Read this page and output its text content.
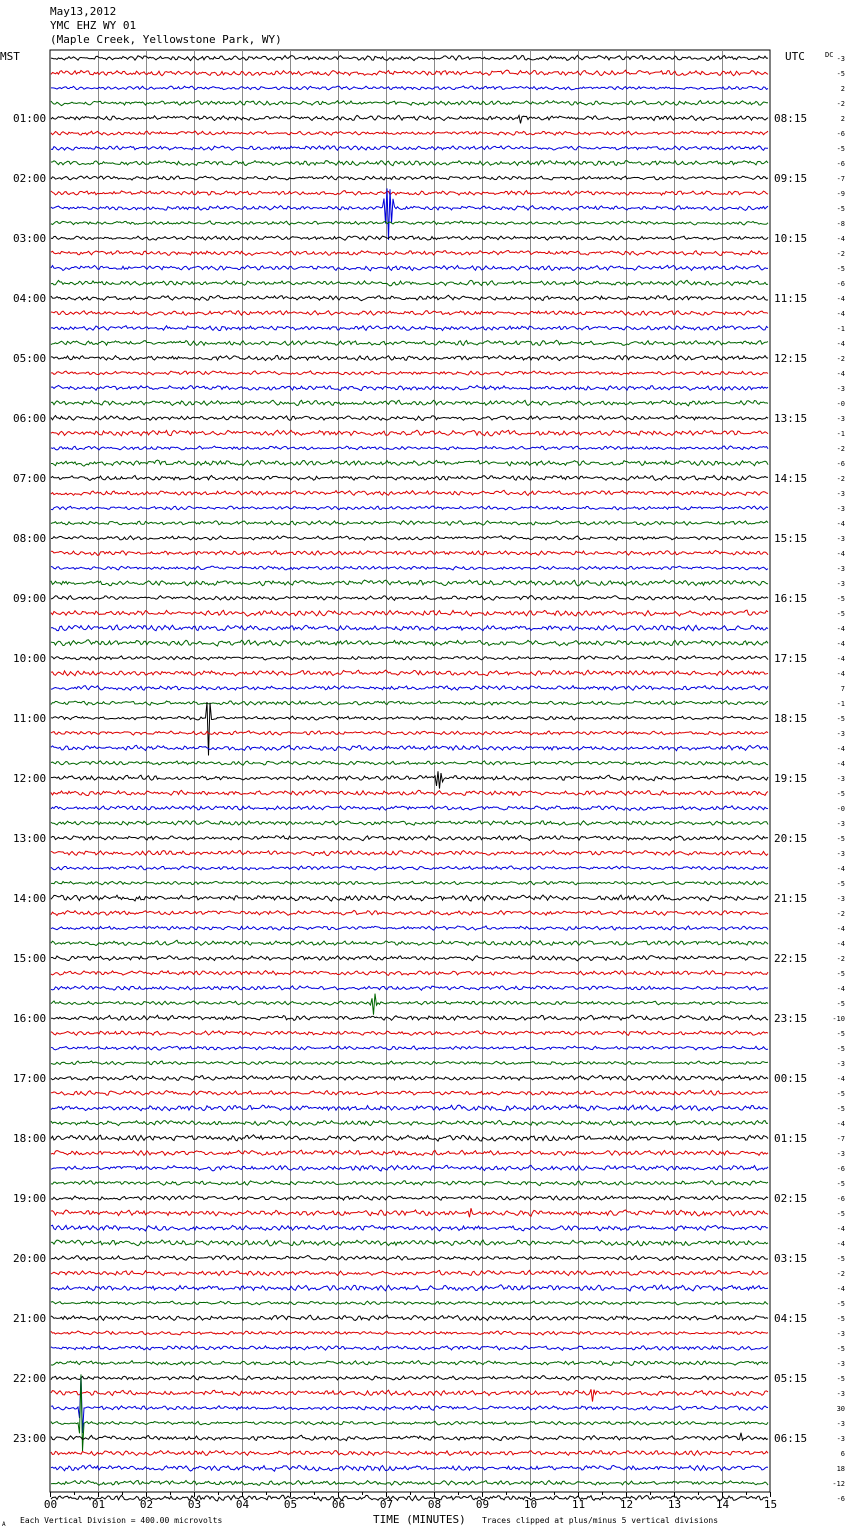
May13,2012
YMC EHZ WY 01
(Maple Creek, Yellowstone Park, WY)
MST	UTC	DC
TIME (MINUTES)
Each Vertical Division = 400.00 microvolts	Traces clipped at plus/minus 5 vertical divisions
A
00	01	02	03	04	05	06	07	08	09	10	11	12	13	14	15
-3
-5
2
-2
2
-6
-5
-6
-7
-9
-5
-8
-4
-2
-5
-6
-4
-4
-1
-4
-2
-4
-3
-0
-3
-1
-2
-6
-2
-3
-3
-4
-3
-4
-3
-3
-5
-5
-4
-4
-4
-4
7
-1
-5
-3
-4
-4
-3
-5
-0
-3
-5
-3
-4
-5
-3
-2
-4
-4
-2
-5
-4
-5
-10
-5
-5
-3
-4
-5
-5
-4
-7
-3
-6
-5
-6
-5
-4
-4
-5
-2
-4
-5
-5
-3
-5
-3
-5
-3
30
-3
-3
6
18
-12
-6
01:00	08:15
02:00	09:15
03:00	10:15
04:00	11:15
05:00	12:15
06:00	13:15
07:00	14:15
08:00	15:15
09:00	16:15
10:00	17:15
11:00	18:15
12:00	19:15
13:00	20:15
14:00	21:15
15:00	22:15
16:00	23:15
17:00	00:15
18:00	01:15
19:00	02:15
20:00	03:15
21:00	04:15
22:00	05:15
23:00	06:15
